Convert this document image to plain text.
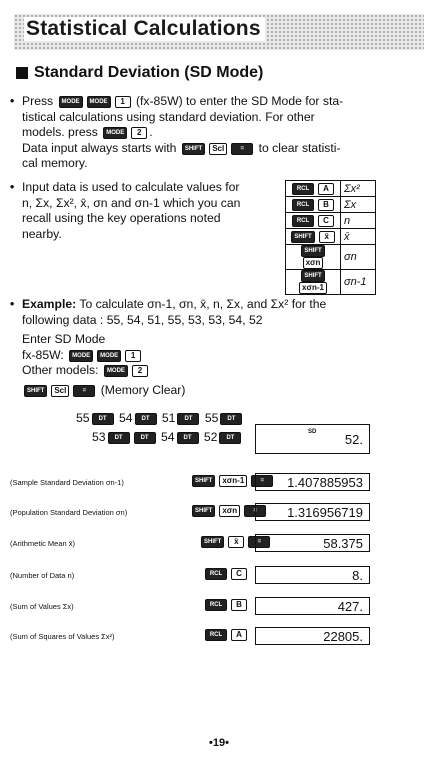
Statistical Calculations
Standard Deviation (SD Mode)
• Press MODE MODE 1 (fx-85W) to enter the SD Mode for sta-
tistical calculations using standard deviation. For other
models. press MODE 2 .
Data input always starts with SHIFT Scl	= to clear statisti-
cal memory.
• Input data is used to calculate values for
n, Σx, Σx², x̄, σn and σn-1 which you can
recall using the key operations noted
nearby.
RCL A	Σx²
RCL B	Σx
RCL C	n
SHIFT x̄	x̄
SHIFTxσn	σn
SHIFTxσn-1	σn-1
• Example: To calculate σn-1, σn, x̄, n, Σx, and Σx² for the
following data : 55, 54, 51, 55, 53, 53, 54, 52
Enter SD Mode
fx-85W: MODE MODE 1
Other models: MODE 2
SHIFT Scl	= (Memory Clear)
55 DT 54 DT 51 DT 55 DT
53 DT	DT 54 DT 52 DT
SD 52.
(Sample Standard Deviation σn-1)	SHIFT xσn-1	=	1.407885953
(Population Standard Deviation σn)	SHIFT xσn	=	1.316956719
(Arithmetic Mean x̄)	SHIFT x̄	=	58.375
(Number of Data n)	RCL C	8.
(Sum of Values Σx)	RCL B	427.
(Sum of Squares of Values Σx²)	RCL A	22805.
•19•
